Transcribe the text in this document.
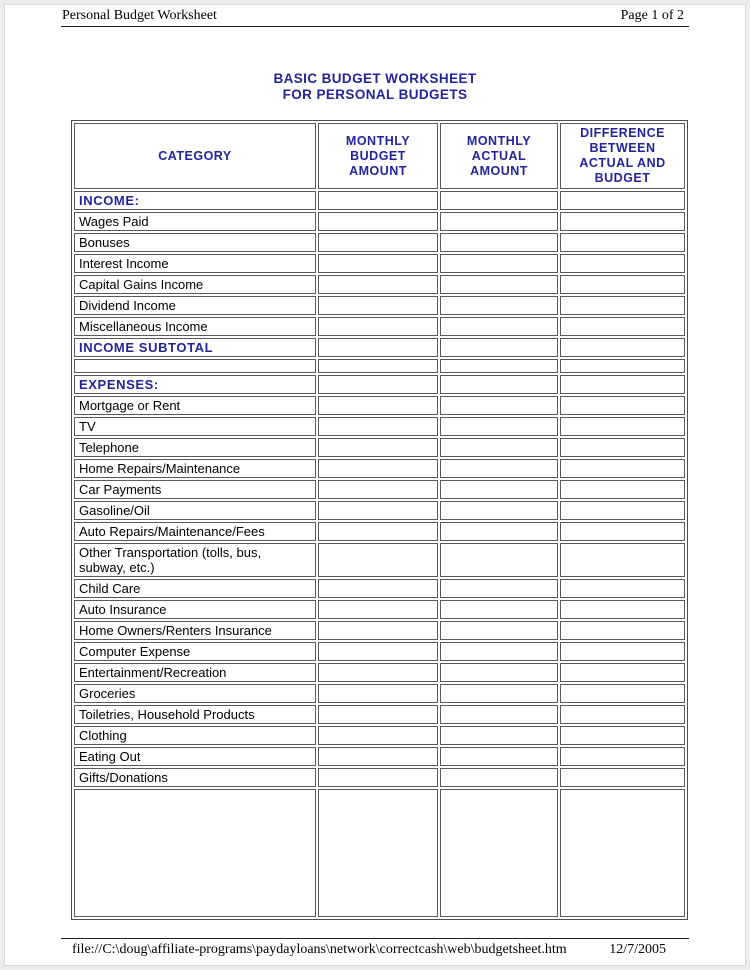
Personal Budget Worksheet	Page 1 of 2
BASIC BUDGET WORKSHEET
FOR PERSONAL BUDGETS
CATEGORY	MONTHLY BUDGET AMOUNT	MONTHLY ACTUAL AMOUNT	DIFFERENCE BETWEEN ACTUAL AND BUDGET
INCOME:			
Wages Paid			
Bonuses			
Interest Income			
Capital Gains Income			
Dividend Income			
Miscellaneous Income			
INCOME SUBTOTAL			

EXPENSES:			
Mortgage or Rent			
TV			
Telephone			
Home Repairs/Maintenance			
Car Payments			
Gasoline/Oil			
Auto Repairs/Maintenance/Fees			
Other Transportation (tolls, bus, subway, etc.)			
Child Care			
Auto Insurance			
Home Owners/Renters Insurance			
Computer Expense			
Entertainment/Recreation			
Groceries			
Toiletries, Household Products			
Clothing			
Eating Out			
Gifts/Donations			

file://C:\doug\affiliate-programs\paydayloans\network\correctcash\web\budgetsheet.htm	12/7/2005
